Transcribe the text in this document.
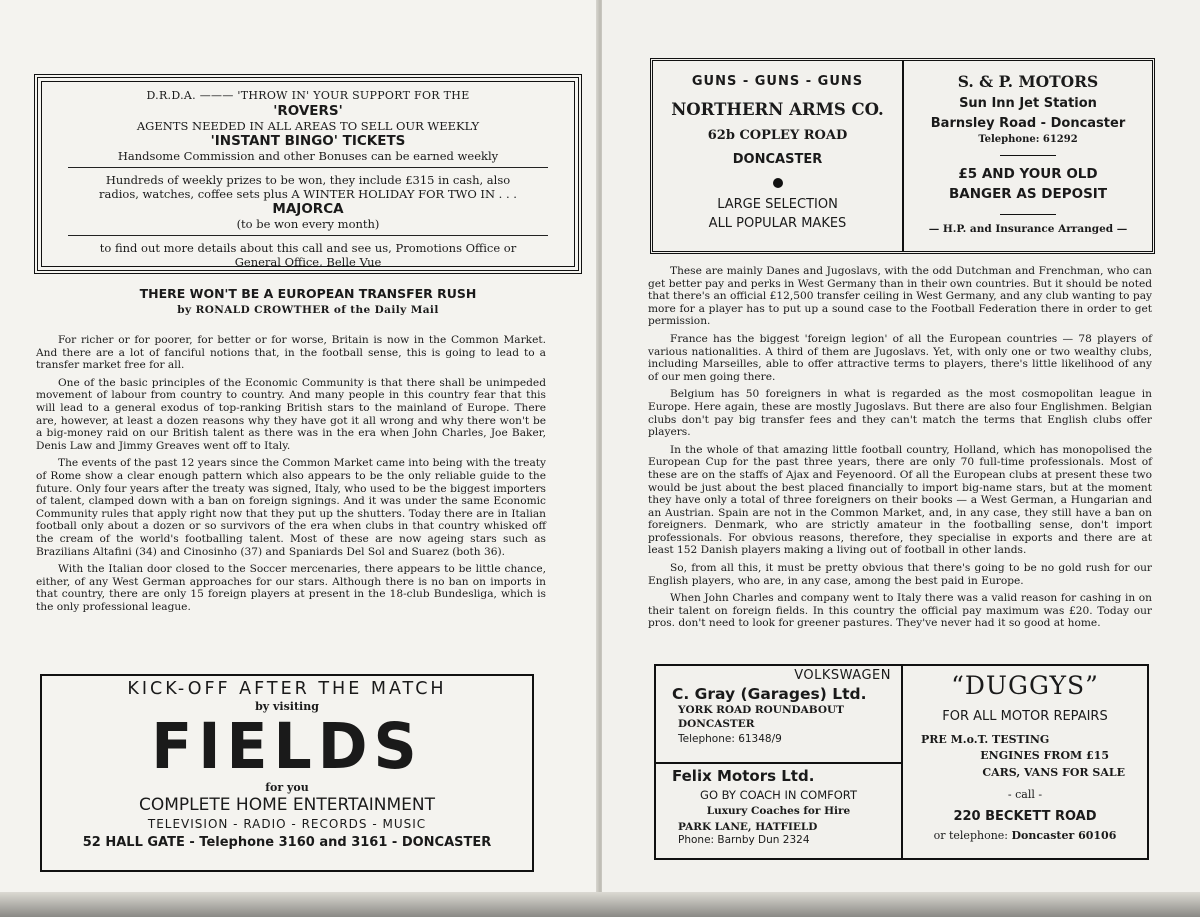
D.R.D.A. ——— 'THROW IN' YOUR SUPPORT FOR THE

'ROVERS'

AGENTS NEEDED IN ALL AREAS TO SELL OUR WEEKLY

'INSTANT BINGO' TICKETS

Handsome Commission and other Bonuses can be earned weekly

Hundreds of weekly prizes to be won, they include £315 in cash, also

radios, watches, coffee sets plus A WINTER HOLIDAY FOR TWO IN . . .

MAJORCA

(to be won every month)

to find out more details about this call and see us, Promotions Office or

General Office, Belle Vue

THERE WON'T BE A EUROPEAN TRANSFER RUSH
by RONALD CROWTHER of the Daily Mail

For richer or for poorer, for better or for worse, Britain is now in the Common Market. And there are a lot of fanciful notions that, in the football sense, this is going to lead to a transfer market free for all.

One of the basic principles of the Economic Community is that there shall be unimpeded movement of labour from country to country. And many people in this country fear that this will lead to a general exodus of top-ranking British stars to the mainland of Europe. There are, however, at least a dozen reasons why they have got it all wrong and why there won't be a big-money raid on our British talent as there was in the era when John Charles, Joe Baker, Denis Law and Jimmy Greaves went off to Italy.

The events of the past 12 years since the Common Market came into being with the treaty of Rome show a clear enough pattern which also appears to be the only reliable guide to the future. Only four years after the treaty was signed, Italy, who used to be the biggest importers of talent, clamped down with a ban on foreign signings. And it was under the same Economic Community rules that apply right now that they put up the shutters. Today there are in Italian football only about a dozen or so survivors of the era when clubs in that country whisked off the cream of the world's footballing talent. Most of these are now ageing stars such as Brazilians Altafini (34) and Cinosinho (37) and Spaniards Del Sol and Suarez (both 36).

With the Italian door closed to the Soccer mercenaries, there appears to be little chance, either, of any West German approaches for our stars. Although there is no ban on imports in that country, there are only 15 foreign players at present in the 18-club Bundesliga, which is the only professional league.

KICK-OFF AFTER THE MATCH
by visiting
FIELDS
for you
COMPLETE HOME ENTERTAINMENT
TELEVISION - RADIO - RECORDS - MUSIC
52 HALL GATE - Telephone 3160 and 3161 - DONCASTER
GUNS - GUNS - GUNS
NORTHERN ARMS CO.
62b COPLEY ROAD
DONCASTER
LARGE SELECTION
ALL POPULAR MAKES
S. & P. MOTORS
Sun Inn Jet Station
Barnsley Road - Doncaster
Telephone: 61292
£5 AND YOUR OLD
BANGER AS DEPOSIT
— H.P. and Insurance Arranged —

These are mainly Danes and Jugoslavs, with the odd Dutchman and Frenchman, who can get better pay and perks in West Germany than in their own countries. But it should be noted that there's an official £12,500 transfer ceiling in West Germany, and any club wanting to pay more for a player has to put up a sound case to the Football Federation there in order to get permission.

France has the biggest 'foreign legion' of all the European countries — 78 players of various nationalities. A third of them are Jugoslavs. Yet, with only one or two wealthy clubs, including Marseilles, able to offer attractive terms to players, there's little likelihood of any of our men going there.

Belgium has 50 foreigners in what is regarded as the most cosmopolitan league in Europe. Here again, these are mostly Jugoslavs. But there are also four Englishmen. Belgian clubs don't pay big transfer fees and they can't match the terms that English clubs offer players.

In the whole of that amazing little football country, Holland, which has monopolised the European Cup for the past three years, there are only 70 full-time professionals. Most of these are on the staffs of Ajax and Feyenoord. Of all the European clubs at present these two would be just about the best placed financially to import big-name stars, but at the moment they have only a total of three foreigners on their books — a West German, a Hungarian and an Austrian. Spain are not in the Common Market, and, in any case, they still have a ban on foreigners. Denmark, who are strictly amateur in the footballing sense, don't import professionals. For obvious reasons, therefore, they specialise in exports and there are at least 152 Danish players making a living out of football in other lands.

So, from all this, it must be pretty obvious that there's going to be no gold rush for our English players, who are, in any case, among the best paid in Europe.

When John Charles and company went to Italy there was a valid reason for cashing in on their talent on foreign fields. In this country the official pay maximum was £20. Today our pros. don't need to look for greener pastures. They've never had it so good at home.

VOLKSWAGEN
C. Gray (Garages) Ltd.
YORK ROAD ROUNDABOUT
DONCASTER
Telephone: 61348/9
Felix Motors Ltd.
GO BY COACH IN COMFORT
Luxury Coaches for Hire
PARK LANE, HATFIELD
Phone: Barnby Dun 2324
“DUGGYS”
FOR ALL MOTOR REPAIRS
PRE M.o.T. TESTING
ENGINES FROM £15
CARS, VANS FOR SALE
- call -
220 BECKETT ROAD
or telephone: Doncaster 60106
